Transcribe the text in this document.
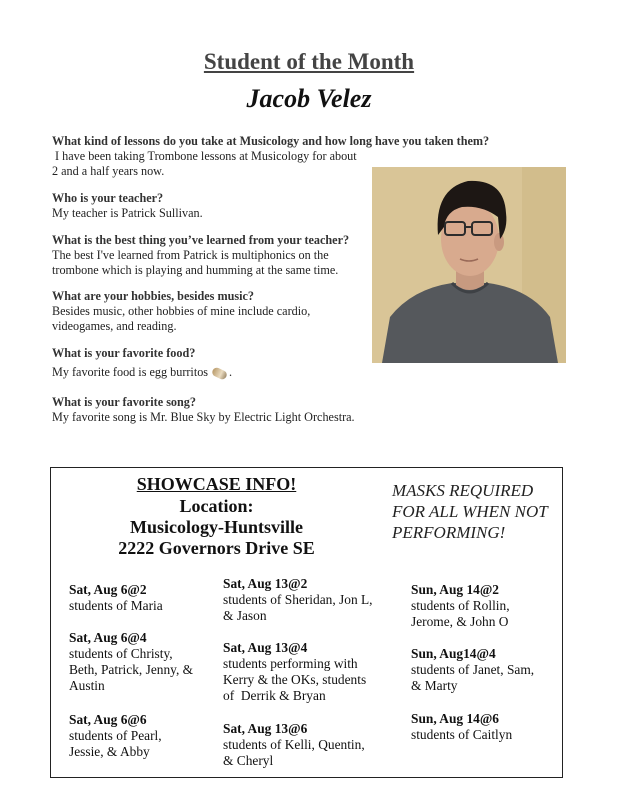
Student of the Month
Jacob Velez
What kind of lessons do you take at Musicology and how long have you taken them?
I have been taking Trombone lessons at Musicology for about
2 and a half years now.
Who is your teacher?
My teacher is Patrick Sullivan.
What is the best thing you’ve learned from your teacher?
The best I've learned from Patrick is multiphonics on the
trombone which is playing and humming at the same time.
What are your hobbies, besides music?
Besides music, other hobbies of mine include cardio,
videogames, and reading.
What is your favorite food?
My favorite food is egg burritos .
What is your favorite song?
My favorite song is Mr. Blue Sky by Electric Light Orchestra.
SHOWCASE INFO!
Location:
Musicology-Huntsville
2222 Governors Drive SE
MASKS REQUIRED
FOR ALL WHEN NOT
PERFORMING!
Sat, Aug 6@2
students of Maria
Sat, Aug 6@4
students of Christy,
Beth, Patrick, Jenny, &
Austin
Sat, Aug 6@6
students of Pearl,
Jessie, & Abby
Sat, Aug 13@2
students of Sheridan, Jon L,
& Jason
Sat, Aug 13@4
students performing with
Kerry & the OKs, students
of  Derrik & Bryan
Sat, Aug 13@6
students of Kelli, Quentin,
& Cheryl
Sun, Aug 14@2
students of Rollin,
Jerome, & John O
Sun, Aug14@4
students of Janet, Sam,
& Marty
Sun, Aug 14@6
students of Caitlyn
